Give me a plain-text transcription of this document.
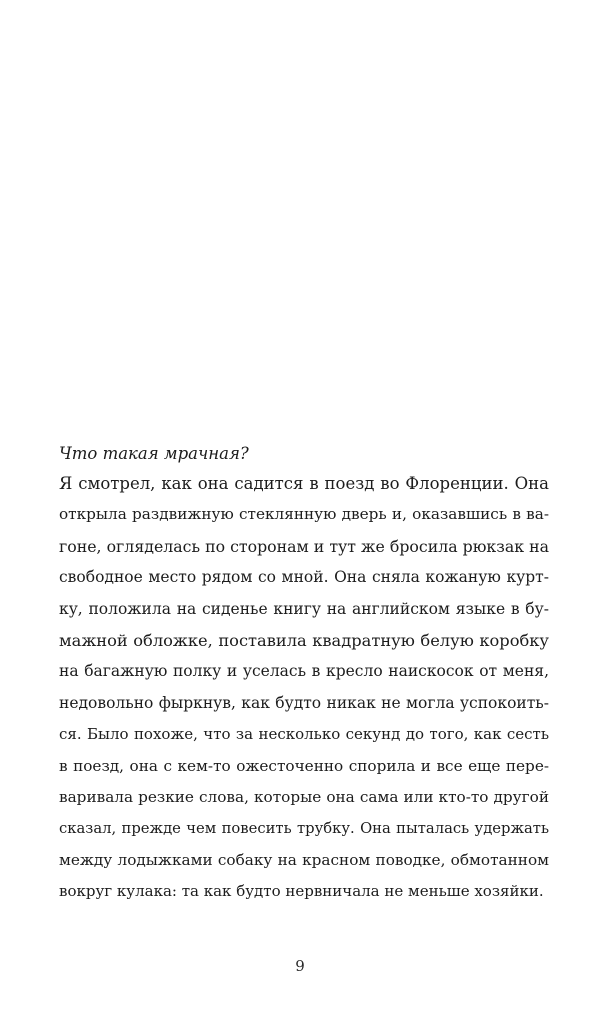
Что такая мрачная?
Я смотрел, как она садится в поезд во Флоренции. Она
открыла раздвижную стеклянную дверь и, оказавшись в ва-
гоне, огляделась по сторонам и тут же бросила рюкзак на
свободное место рядом со мной. Она сняла кожаную курт-
ку, положила на сиденье книгу на английском языке в бу-
мажной обложке, поставила квадратную белую коробку
на багажную полку и уселась в кресло наискосок от меня,
недовольно фыркнув, как будто никак не могла успокоить-
ся. Было похоже, что за несколько секунд до того, как сесть
в поезд, она с кем-то ожесточенно спорила и все еще пере-
варивала резкие слова, которые она сама или кто-то другой
сказал, прежде чем повесить трубку. Она пыталась удержать
между лодыжками собаку на красном поводке, обмотанном
вокруг кулака: та как будто нервничала не меньше хозяйки.
9
